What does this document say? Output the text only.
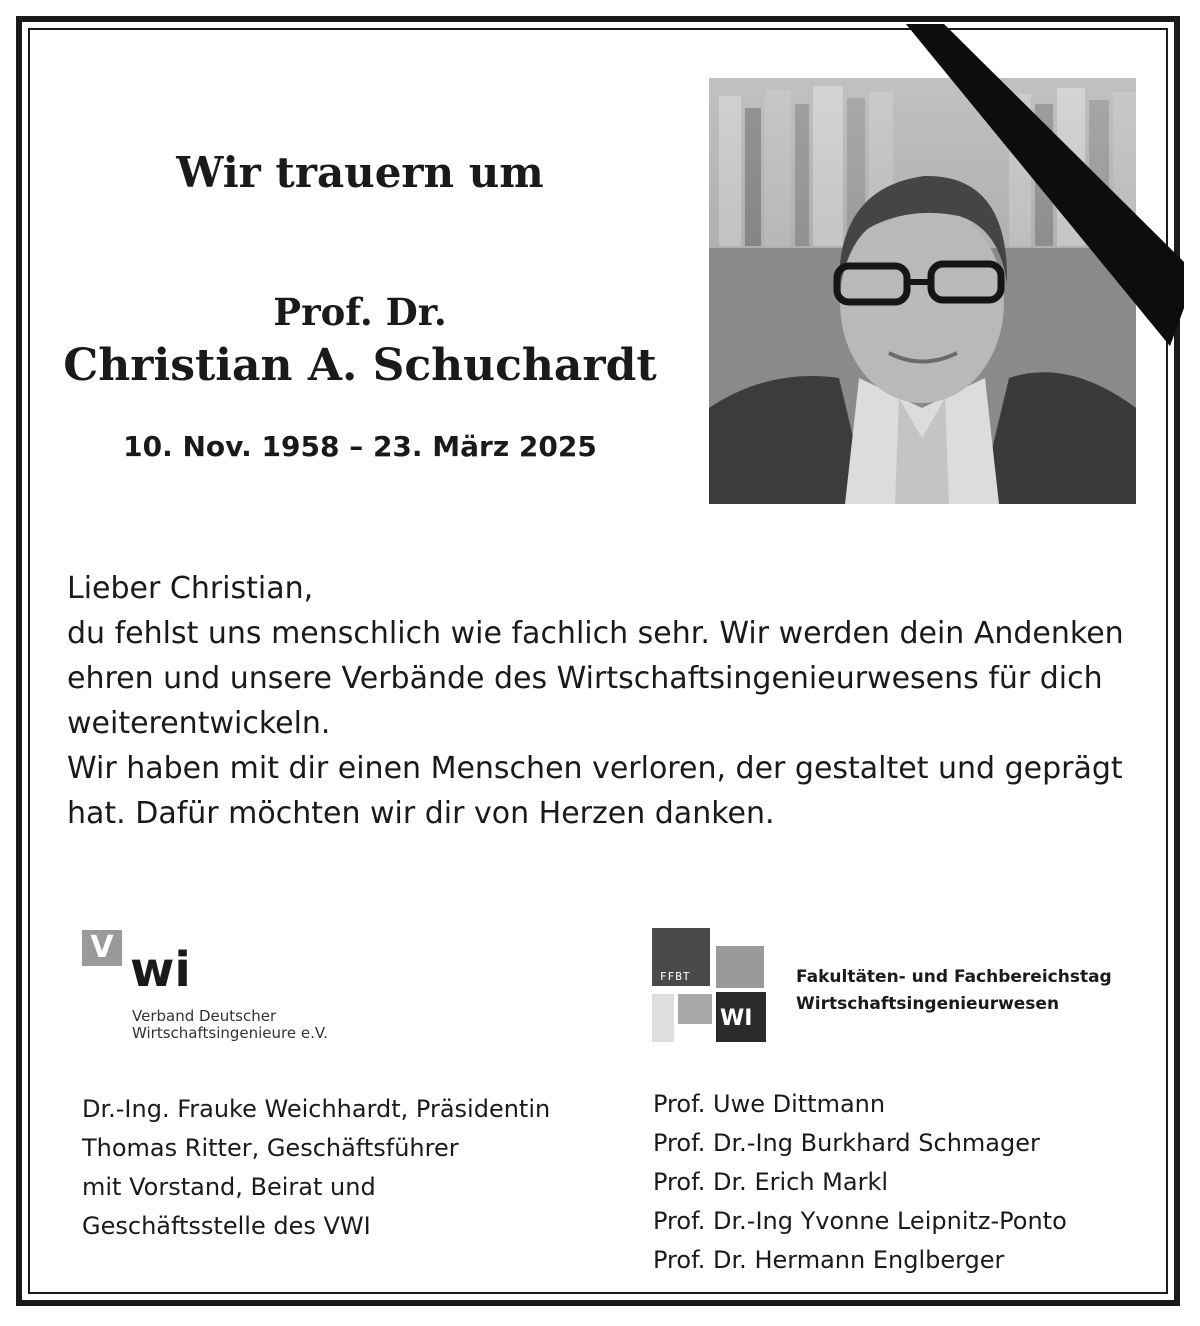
Wir trauern um
Prof. Dr.
Christian A. Schuchardt
10. Nov. 1958 – 23. März 2025

Lieber Christian,

du fehlst uns menschlich wie fachlich sehr. Wir werden dein Andenken

ehren und unsere Verbände des Wirtschaftsingenieurwesens für dich

weiterentwickeln.

Wir haben mit dir einen Menschen verloren, der gestaltet und geprägt

hat. Dafür möchten wir dir von Herzen danken.

V wi
Verband Deutscher
Wirtschaftsingenieure e.V.
FFBT
WI
Fakultäten- und Fachbereichstag
Wirtschaftsingenieurwesen
Dr.-Ing. Frauke Weichhardt, Präsidentin
Thomas Ritter, Geschäftsführer
mit Vorstand, Beirat und
Geschäftsstelle des VWI
Prof. Uwe Dittmann
Prof. Dr.-Ing Burkhard Schmager
Prof. Dr. Erich Markl
Prof. Dr.-Ing Yvonne Leipnitz-Ponto
Prof. Dr. Hermann Englberger
